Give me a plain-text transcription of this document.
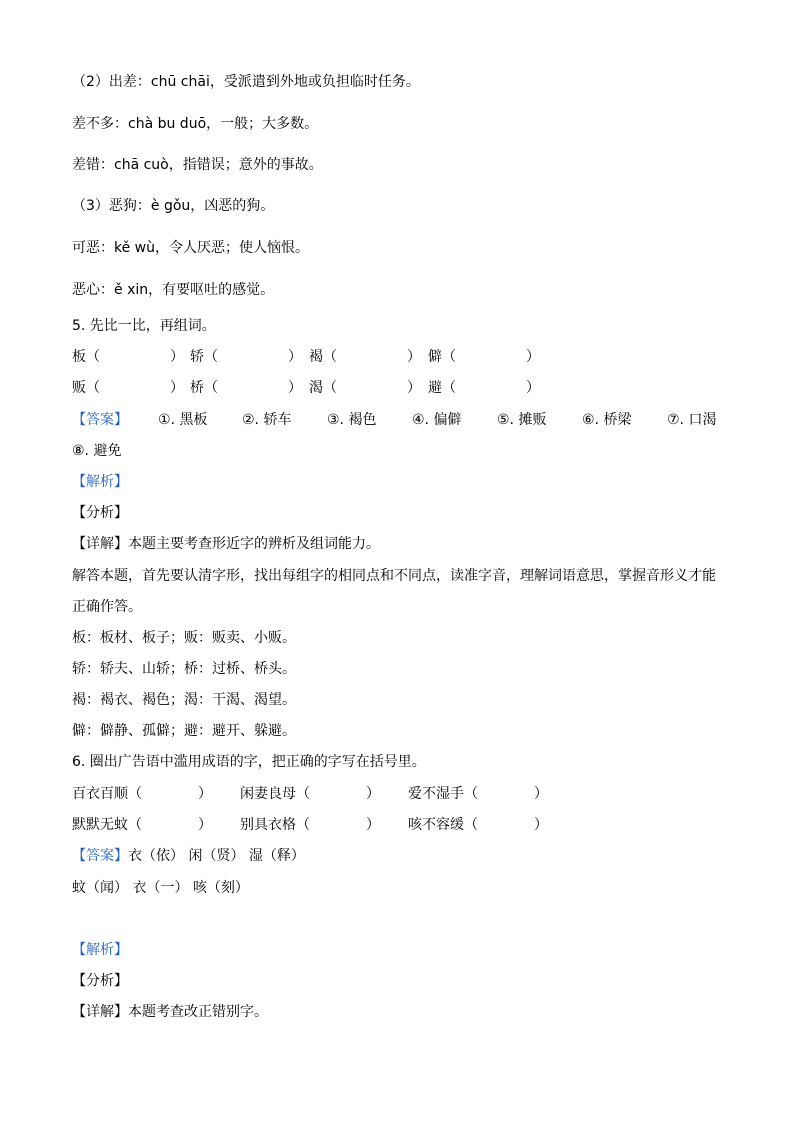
（2）出差：chū chāi，受派遣到外地或负担临时任务。
差不多：chà bu duō，一般；大多数。
差错：chā cuò，指错误；意外的事故。
（3）恶狗：è gǒu，凶恶的狗。
可恶：kě wù，令人厌恶；使人恼恨。
恶心：ě xin，有要呕吐的感觉。
5. 先比一比，再组词。
板（　　　　　） 轿（　　　　　） 褐（　　　　　） 僻（　　　　　）
贩（　　　　　） 桥（　　　　　） 渴（　　　　　） 避（　　　　　）
【答案】 ①. 黑板 ②. 轿车	③. 褐色	④. 偏僻	⑤. 摊贩	⑥. 桥梁	⑦. 口渴
⑧. 避免
【解析】
【分析】
【详解】本题主要考查形近字的辨析及组词能力。
解答本题，首先要认清字形，找出每组字的相同点和不同点，读准字音，理解词语意思，掌握音形义才能
正确作答。
板：板材、板子；贩：贩卖、小贩。
轿：轿夫、山轿；桥：过桥、桥头。
褐：褐衣、褐色；渴：干渴、渴望。
僻：僻静、孤僻；避：避开、躲避。
6. 圈出广告语中滥用成语的字，把正确的字写在括号里。
百衣百顺（　　　　） 闲妻良母（　　　　） 爱不湿手（　　　　）
默默无蚊（　　　　） 别具衣格（　　　　） 咳不容缓（　　　　）
【答案】衣（依） 闲（贤） 湿（释）
蚊（闻） 衣（一） 咳（刻）
【解析】
【分析】
【详解】本题考查改正错别字。
